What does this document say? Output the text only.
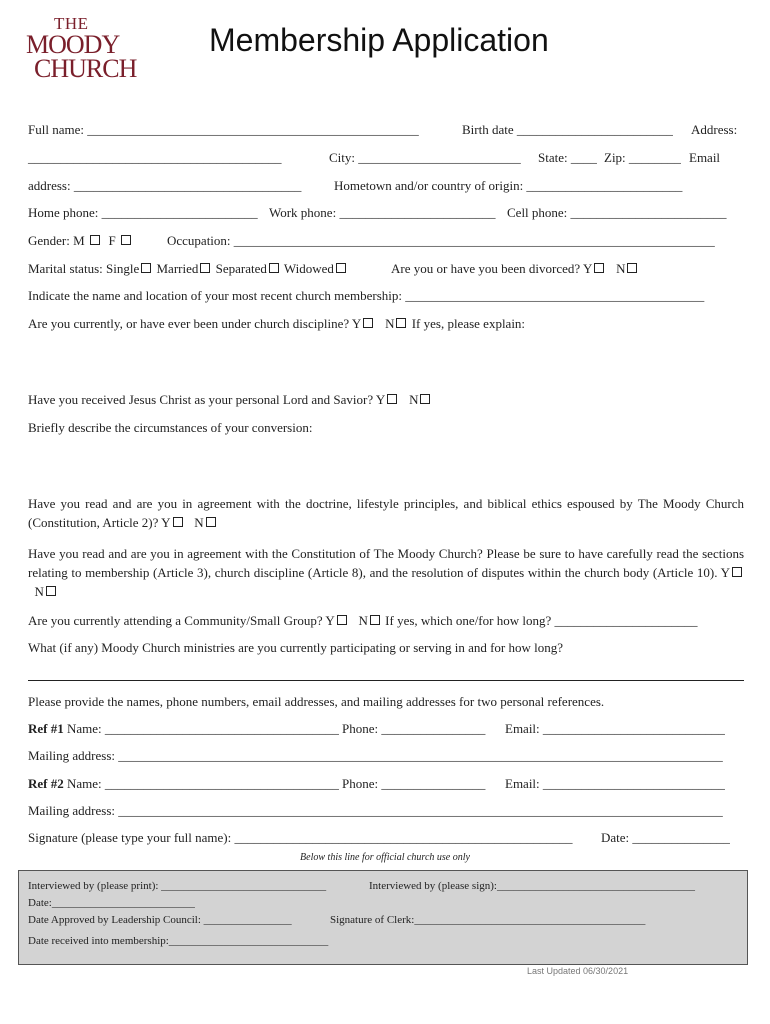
THE
MOODY
CHURCH
Membership Application
Full name: ___________________________________________________	Birth date ________________________ Address:
_______________________________________	City: _________________________ State: ____ Zip: ________ Email
address: ___________________________________	Hometown and/or country of origin: ________________________
Home phone: ________________________ Work phone: ________________________ Cell phone: ________________________
Gender: M F	Occupation: __________________________________________________________________________
Marital status: Single Married Separated Widowed	Are you or have you been divorced? Y N
Indicate the name and location of your most recent church membership: ______________________________________________
Are you currently, or have ever been under church discipline? Y N If yes, please explain:
Have you received Jesus Christ as your personal Lord and Savior? Y N
Briefly describe the circumstances of your conversion:
Have you read and are you in agreement with the doctrine, lifestyle principles, and biblical ethics espoused by The Moody Church (Constitution, Article 2)? Y N
Have you read and are you in agreement with the Constitution of The Moody Church? Please be sure to have carefully read the sections relating to membership (Article 3), church discipline (Article 8), and the resolution of disputes within the church body (Article 10). Y   N
Are you currently attending a Community/Small Group? Y N If yes, which one/for how long? ______________________
What (if any) Moody Church ministries are you currently participating or serving in and for how long?
Please provide the names, phone numbers, email addresses, and mailing addresses for two personal references.
Ref #1 Name: ____________________________________ Phone: ________________ Email: ____________________________
Mailing address: _____________________________________________________________________________________________
Ref #2 Name: ____________________________________ Phone: ________________ Email: ____________________________
Mailing address: _____________________________________________________________________________________________
Signature (please type your full name): ____________________________________________________ Date: _______________
Below this line for official church use only
Interviewed by (please print): ______________________________	Interviewed by (please sign):____________________________________
Date:__________________________
Date Approved by Leadership Council: ________________	Signature of Clerk:__________________________________________
Date received into membership:_____________________________
Last Updated 06/30/2021
